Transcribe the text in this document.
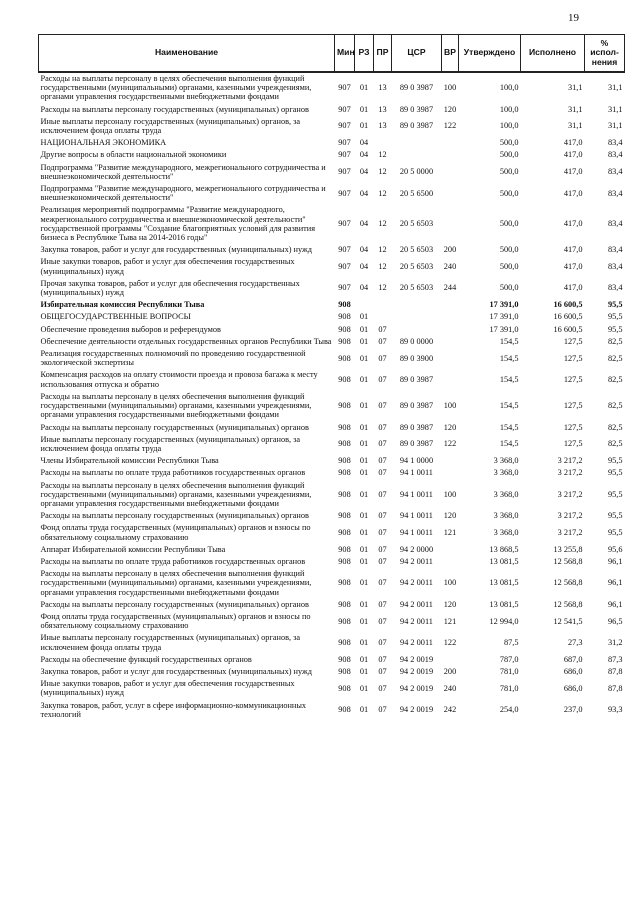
19
Наименование	Мин	РЗ	ПР	ЦСР	ВР	Утверждено	Исполнено	% исполнения
Расходы на выплаты персоналу в целях обеспечения выполнения функций государственными (муниципальными) органами, казенными учреждениями, органами управления государственными внебюджетными фондами	907	01	13	89 0 3987	100	100,0	31,1	31,1
Расходы на выплаты персоналу государственных (муниципальных) органов	907	01	13	89 0 3987	120	100,0	31,1	31,1
Иные выплаты персоналу государственных (муниципальных) органов, за исключением фонда оплаты труда	907	01	13	89 0 3987	122	100,0	31,1	31,1
НАЦИОНАЛЬНАЯ ЭКОНОМИКА	907	04				500,0	417,0	83,4
Другие вопросы в области национальной экономики	907	04	12			500,0	417,0	83,4
Подпрограмма "Развитие международного, межрегионального сотрудничества и внешнеэкономической деятельности"	907	04	12	20 5 0000		500,0	417,0	83,4
Подпрограмма "Развитие международного, межрегионального сотрудничества и внешнеэкономической деятельности"	907	04	12	20 5 6500		500,0	417,0	83,4
Реализация мероприятий подпрограммы "Развитие международного, межрегионального сотрудничества и внешнеэкономической деятельности" государственной программы "Создание благоприятных условий для развития бизнеса в Республике Тыва на 2014-2016 годы"	907	04	12	20 5 6503		500,0	417,0	83,4
Закупка товаров, работ и услуг для государственных (муниципальных) нужд	907	04	12	20 5 6503	200	500,0	417,0	83,4
Иные закупки товаров, работ и услуг для обеспечения государственных (муниципальных) нужд	907	04	12	20 5 6503	240	500,0	417,0	83,4
Прочая закупка товаров, работ и услуг для обеспечения государственных (муниципальных) нужд	907	04	12	20 5 6503	244	500,0	417,0	83,4
Избирательная комиссия Республики Тыва	908					17 391,0	16 600,5	95,5
ОБЩЕГОСУДАРСТВЕННЫЕ ВОПРОСЫ	908	01				17 391,0	16 600,5	95,5
Обеспечение проведения выборов и референдумов	908	01	07			17 391,0	16 600,5	95,5
Обеспечение деятельности отдельных государственных органов Республики Тыва	908	01	07	89 0 0000		154,5	127,5	82,5
Реализация государственных полномочий по проведению государственной экологической экспертизы	908	01	07	89 0 3900		154,5	127,5	82,5
Компенсация расходов на оплату стоимости проезда и провоза багажа к месту использования отпуска и обратно	908	01	07	89 0 3987		154,5	127,5	82,5
Расходы на выплаты персоналу в целях обеспечения выполнения функций государственными (муниципальными) органами, казенными учреждениями, органами управления государственными внебюджетными фондами	908	01	07	89 0 3987	100	154,5	127,5	82,5
Расходы на выплаты персоналу государственных (муниципальных) органов	908	01	07	89 0 3987	120	154,5	127,5	82,5
Иные выплаты персоналу государственных (муниципальных) органов, за исключением фонда оплаты труда	908	01	07	89 0 3987	122	154,5	127,5	82,5
Члены Избирательной комиссии Республики Тыва	908	01	07	94 1 0000		3 368,0	3 217,2	95,5
Расходы на выплаты по оплате труда работников государственных органов	908	01	07	94 1 0011		3 368,0	3 217,2	95,5
Расходы на выплаты персоналу в целях обеспечения выполнения функций государственными (муниципальными) органами, казенными учреждениями, органами управления государственными внебюджетными фондами	908	01	07	94 1 0011	100	3 368,0	3 217,2	95,5
Расходы на выплаты персоналу государственных (муниципальных) органов	908	01	07	94 1 0011	120	3 368,0	3 217,2	95,5
Фонд оплаты труда государственных (муниципальных) органов и взносы по обязательному социальному страхованию	908	01	07	94 1 0011	121	3 368,0	3 217,2	95,5
Аппарат Избирательной комиссии Республики Тыва	908	01	07	94 2 0000		13 868,5	13 255,8	95,6
Расходы на выплаты по оплате труда работников государственных органов	908	01	07	94 2 0011		13 081,5	12 568,8	96,1
Расходы на выплаты персоналу в целях обеспечения выполнения функций государственными (муниципальными) органами, казенными учреждениями, органами управления государственными внебюджетными фондами	908	01	07	94 2 0011	100	13 081,5	12 568,8	96,1
Расходы на выплаты персоналу государственных (муниципальных) органов	908	01	07	94 2 0011	120	13 081,5	12 568,8	96,1
Фонд оплаты труда государственных (муниципальных) органов и взносы по обязательному социальному страхованию	908	01	07	94 2 0011	121	12 994,0	12 541,5	96,5
Иные выплаты персоналу государственных (муниципальных) органов, за исключением фонда оплаты труда	908	01	07	94 2 0011	122	87,5	27,3	31,2
Расходы на обеспечение функций государственных органов	908	01	07	94 2 0019		787,0	687,0	87,3
Закупка товаров, работ и услуг для государственных (муниципальных) нужд	908	01	07	94 2 0019	200	781,0	686,0	87,8
Иные закупки товаров, работ и услуг для обеспечения государственных (муниципальных) нужд	908	01	07	94 2 0019	240	781,0	686,0	87,8
Закупка товаров, работ, услуг в сфере информационно-коммуникационных технологий	908	01	07	94 2 0019	242	254,0	237,0	93,3
